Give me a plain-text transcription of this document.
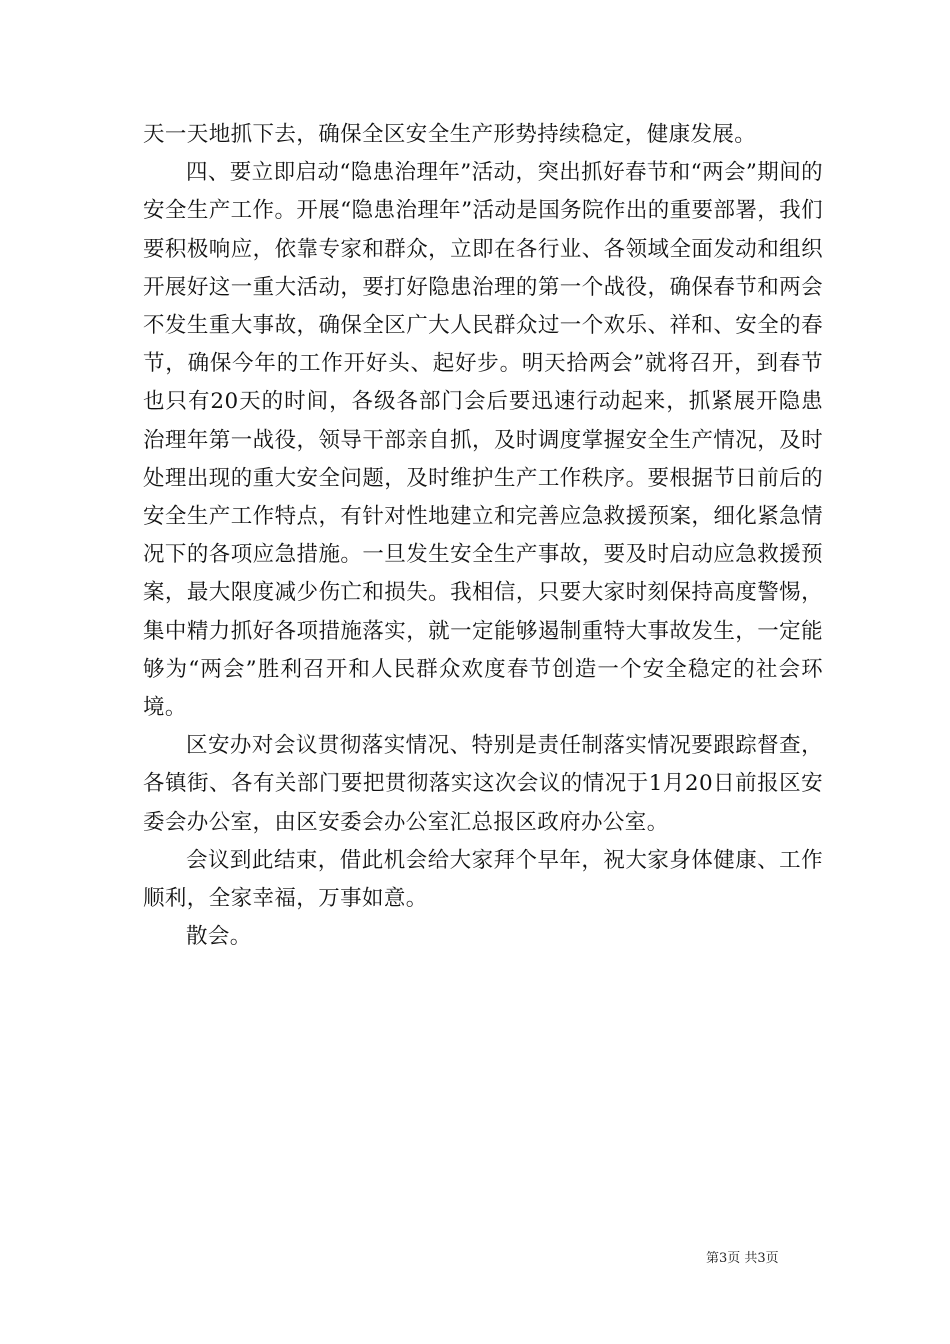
天一天地抓下去，确保全区安全生产形势持续稳定，健康发展。

四、要立即启动“隐患治理年”活动，突出抓好春节和“两会”期间的安全生产工作。开展“隐患治理年”活动是国务院作出的重要部署，我们要积极响应，依靠专家和群众，立即在各行业、各领域全面发动和组织开展好这一重大活动，要打好隐患治理的第一个战役，确保春节和两会不发生重大事故，确保全区广大人民群众过一个欢乐、祥和、安全的春节，确保今年的工作开好头、起好步。明天拾两会”就将召开，到春节也只有20天的时间，各级各部门会后要迅速行动起来，抓紧展开隐患治理年第一战役，领导干部亲自抓，及时调度掌握安全生产情况，及时处理出现的重大安全问题，及时维护生产工作秩序。要根据节日前后的安全生产工作特点，有针对性地建立和完善应急救援预案，细化紧急情况下的各项应急措施。一旦发生安全生产事故，要及时启动应急救援预案，最大限度减少伤亡和损失。我相信，只要大家时刻保持高度警惕，集中精力抓好各项措施落实，就一定能够遏制重特大事故发生，一定能够为“两会”胜利召开和人民群众欢度春节创造一个安全稳定的社会环境。

区安办对会议贯彻落实情况、特别是责任制落实情况要跟踪督查，各镇街、各有关部门要把贯彻落实这次会议的情况于1月20日前报区安委会办公室，由区安委会办公室汇总报区政府办公室。

会议到此结束，借此机会给大家拜个早年，祝大家身体健康、工作顺利，全家幸福，万事如意。

散会。

第3页 共3页
